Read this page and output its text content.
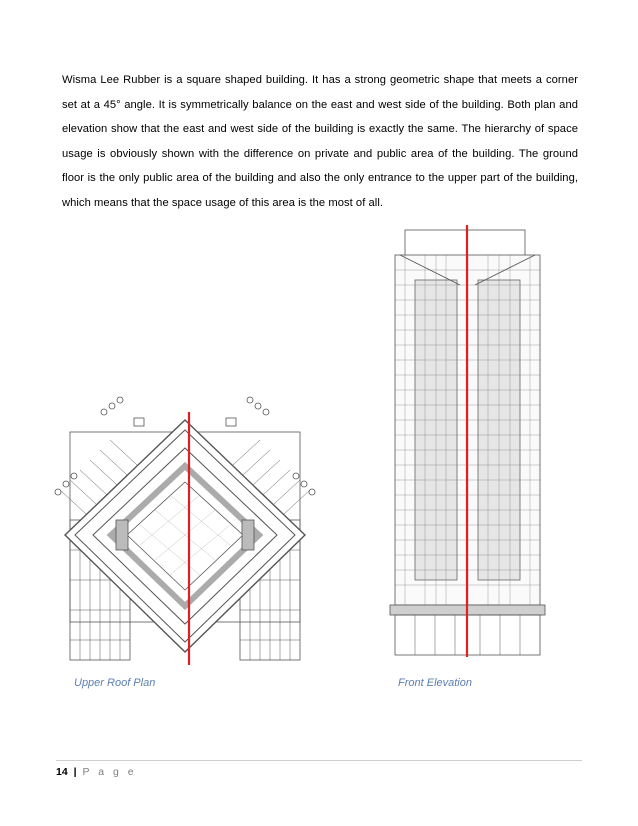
Wisma Lee Rubber is a square shaped building. It has a strong geometric shape that meets a corner set at a 45° angle. It is symmetrically balance on the east and west side of the building. Both plan and elevation show that the east and west side of the building is exactly the same. The hierarchy of space usage is obviously shown with the difference on private and public area of the building. The ground floor is the only public area of the building and also the only entrance to the upper part of the building, which means that the space usage of this area is the most of all.

Upper Roof Plan	Front Elevation
14 | P a g e
